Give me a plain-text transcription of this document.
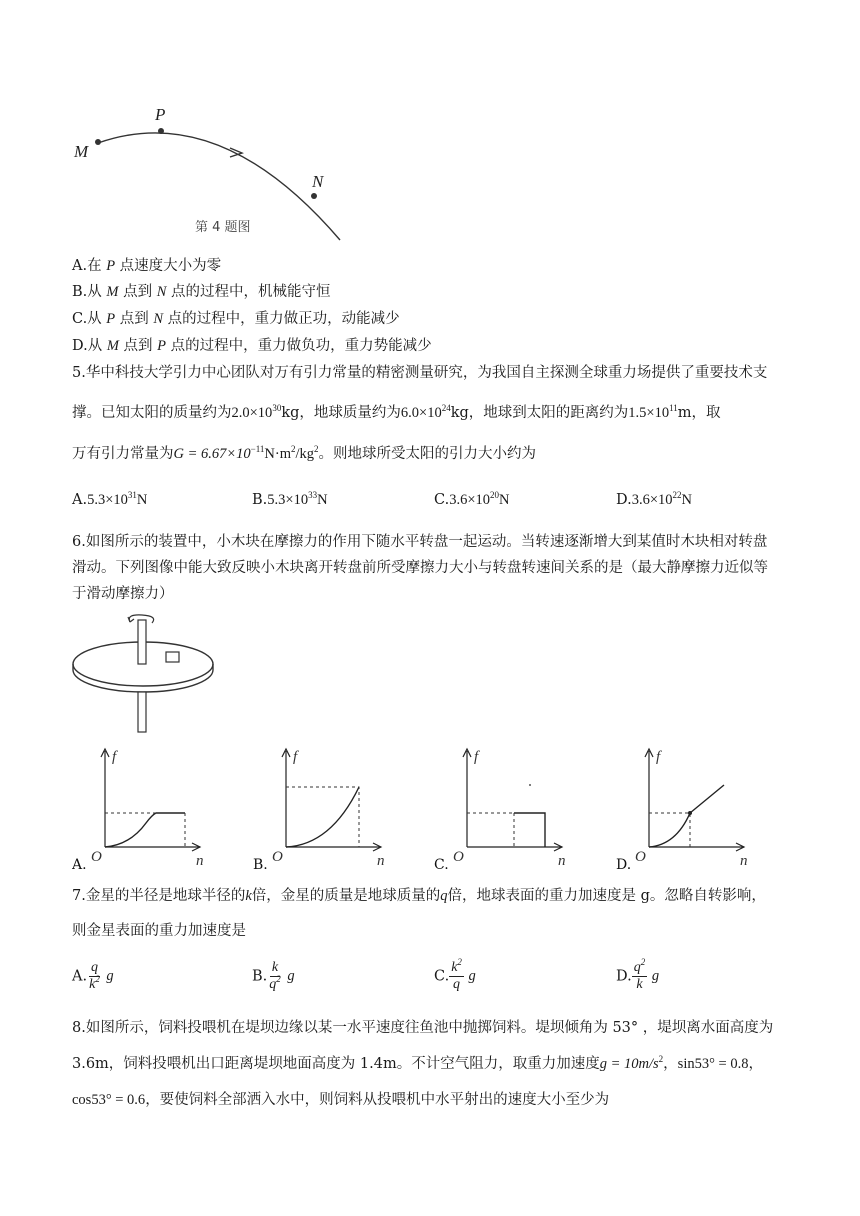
M
P
N
第 4 题图
A.在 P 点速度大小为零
B.从 M 点到 N 点的过程中，机械能守恒
C.从 P 点到 N 点的过程中，重力做正功，动能减少
D.从 M 点到 P 点的过程中，重力做负功，重力势能减少
5.华中科技大学引力中心团队对万有引力常量的精密测量研究，为我国自主探测全球重力场提供了重要技术支
撑。已知太阳的质量约为$2.0\times 10^{30}kg$，地球质量约为$6.0\times 10^{24}kg$，地球到太阳的距离约为$1.5\times 10^{11}m$，取
万有引力常量为$G = 6.67\times 10^{-11}N\cdot m^2/kg^2$。则地球所受太阳的引力大小约为
$A.5.3\times 10^{31}N$	$B.5.3\times 10^{33}N$	$C.3.6\times 10^{20}N$	$D.3.6\times 10^{22}N$
6.如图所示的装置中，小木块在摩擦力的作用下随水平转盘一起运动。当转速逐渐增大到某值时木块相对转盘
滑动。下列图像中能大致反映小木块离开转盘前所受摩擦力大小与转盘转速间关系的是（最大静摩擦力近似等
于滑动摩擦力）
f
n
O
A.
f
n
O
B.
f
n
O
C.
f
n
O
D.
7.金星的半径是地球半径的k倍，金星的质量是地球质量的q倍，地球表面的重力加速度是 g。忽略自转影响，
则金星表面的重力加速度是
A. $\frac{q}{k^2}$ g	B. $\frac{k}{q^2}$ g	C. $\frac{k^2}{q}$ g	D. $\frac{q^2}{k}$ g
8.如图所示，饲料投喂机在堤坝边缘以某一水平速度往鱼池中抛掷饲料。堤坝倾角为 53° ，堤坝离水面高度为
3.6m，饲料投喂机出口距离堤坝地面高度为 1.4m。不计空气阻力，取重力加速度$g = 10m/s^2$，sin53° = 0.8，
cos53° = 0.6，要使饲料全部洒入水中，则饲料从投喂机中水平射出的速度大小至少为
